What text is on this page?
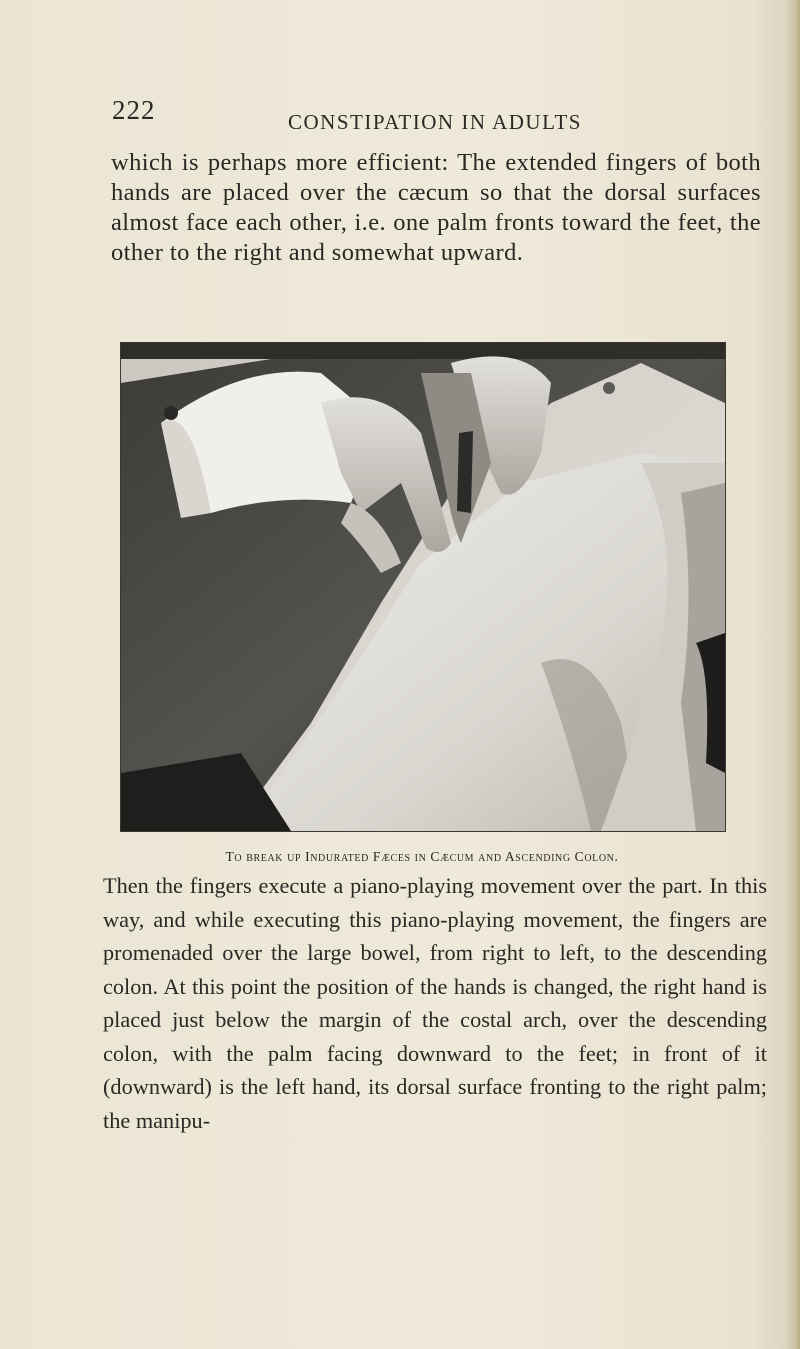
222	CONSTIPATION IN ADULTS

which is perhaps more efficient: The extended fingers of both hands are placed over the cæcum so that the dorsal surfaces almost face each other, i.e. one palm fronts toward the feet, the other to the right and somewhat upward.

To break up Indurated Fæces in Cæcum and Ascending Colon.

Then the fingers execute a piano-playing movement over the part. In this way, and while executing this piano-playing movement, the fingers are promenaded over the large bowel, from right to left, to the descending colon. At this point the position of the hands is changed, the right hand is placed just below the margin of the costal arch, over the descending colon, with the palm facing downward to the feet; in front of it (downward) is the left hand, its dorsal surface fronting to the right palm; the manipu-
